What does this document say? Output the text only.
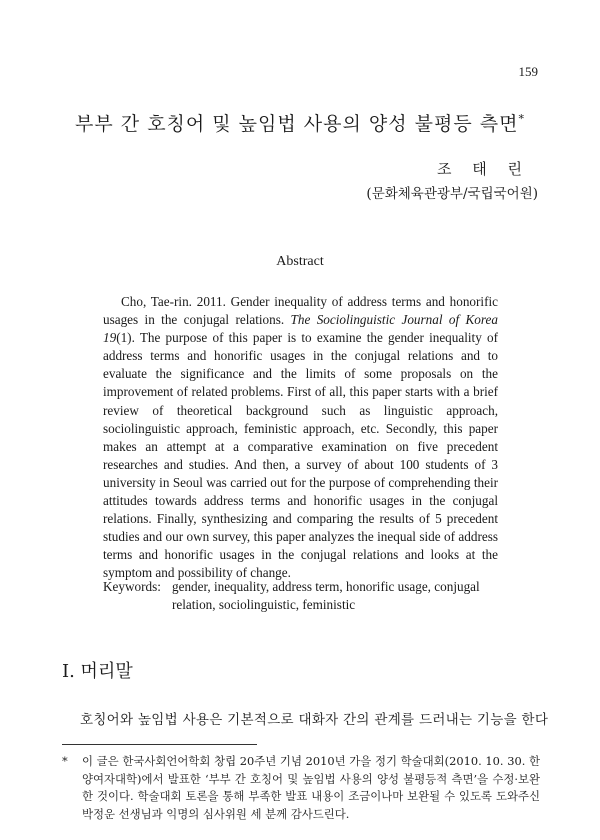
159
부부 간 호칭어 및 높임법 사용의 양성 불평등 측면*
조 태 린
(문화체육관광부/국립국어원)
Abstract
Cho, Tae-rin. 2011. Gender inequality of address terms and honorific usages in the conjugal relations. The Sociolinguistic Journal of Korea 19(1). The purpose of this paper is to examine the gender inequality of address terms and honorific usages in the conjugal relations and to evaluate the significance and the limits of some proposals on the improvement of related problems. First of all, this paper starts with a brief review of theoretical background such as linguistic approach, sociolinguistic approach, feministic approach, etc. Secondly, this paper makes an attempt at a comparative examination on five precedent researches and studies. And then, a survey of about 100 students of 3 university in Seoul was carried out for the purpose of comprehending their attitudes towards address terms and honorific usages in the conjugal relations. Finally, synthesizing and comparing the results of 5 precedent studies and our own survey, this paper analyzes the inequal side of address terms and honorific usages in the conjugal relations and looks at the symptom and possibility of change.
Keywords: gender, inequality, address term, honorific usage, conjugal relation, sociolinguistic, feministic
I. 머리말
호칭어와 높임법 사용은 기본적으로 대화자 간의 관계를 드러내는 기능을 한다
* 이 글은 한국사회언어학회 창립 20주년 기념 2010년 가을 정기 학술대회(2010. 10. 30. 한양여자대학)에서 발표한 ‘부부 간 호칭어 및 높임법 사용의 양성 불평등적 측면’을 수정·보완한 것이다. 학술대회 토론을 통해 부족한 발표 내용이 조금이나마 보완될 수 있도록 도와주신 박정운 선생님과 익명의 심사위원 세 분께 감사드린다.
